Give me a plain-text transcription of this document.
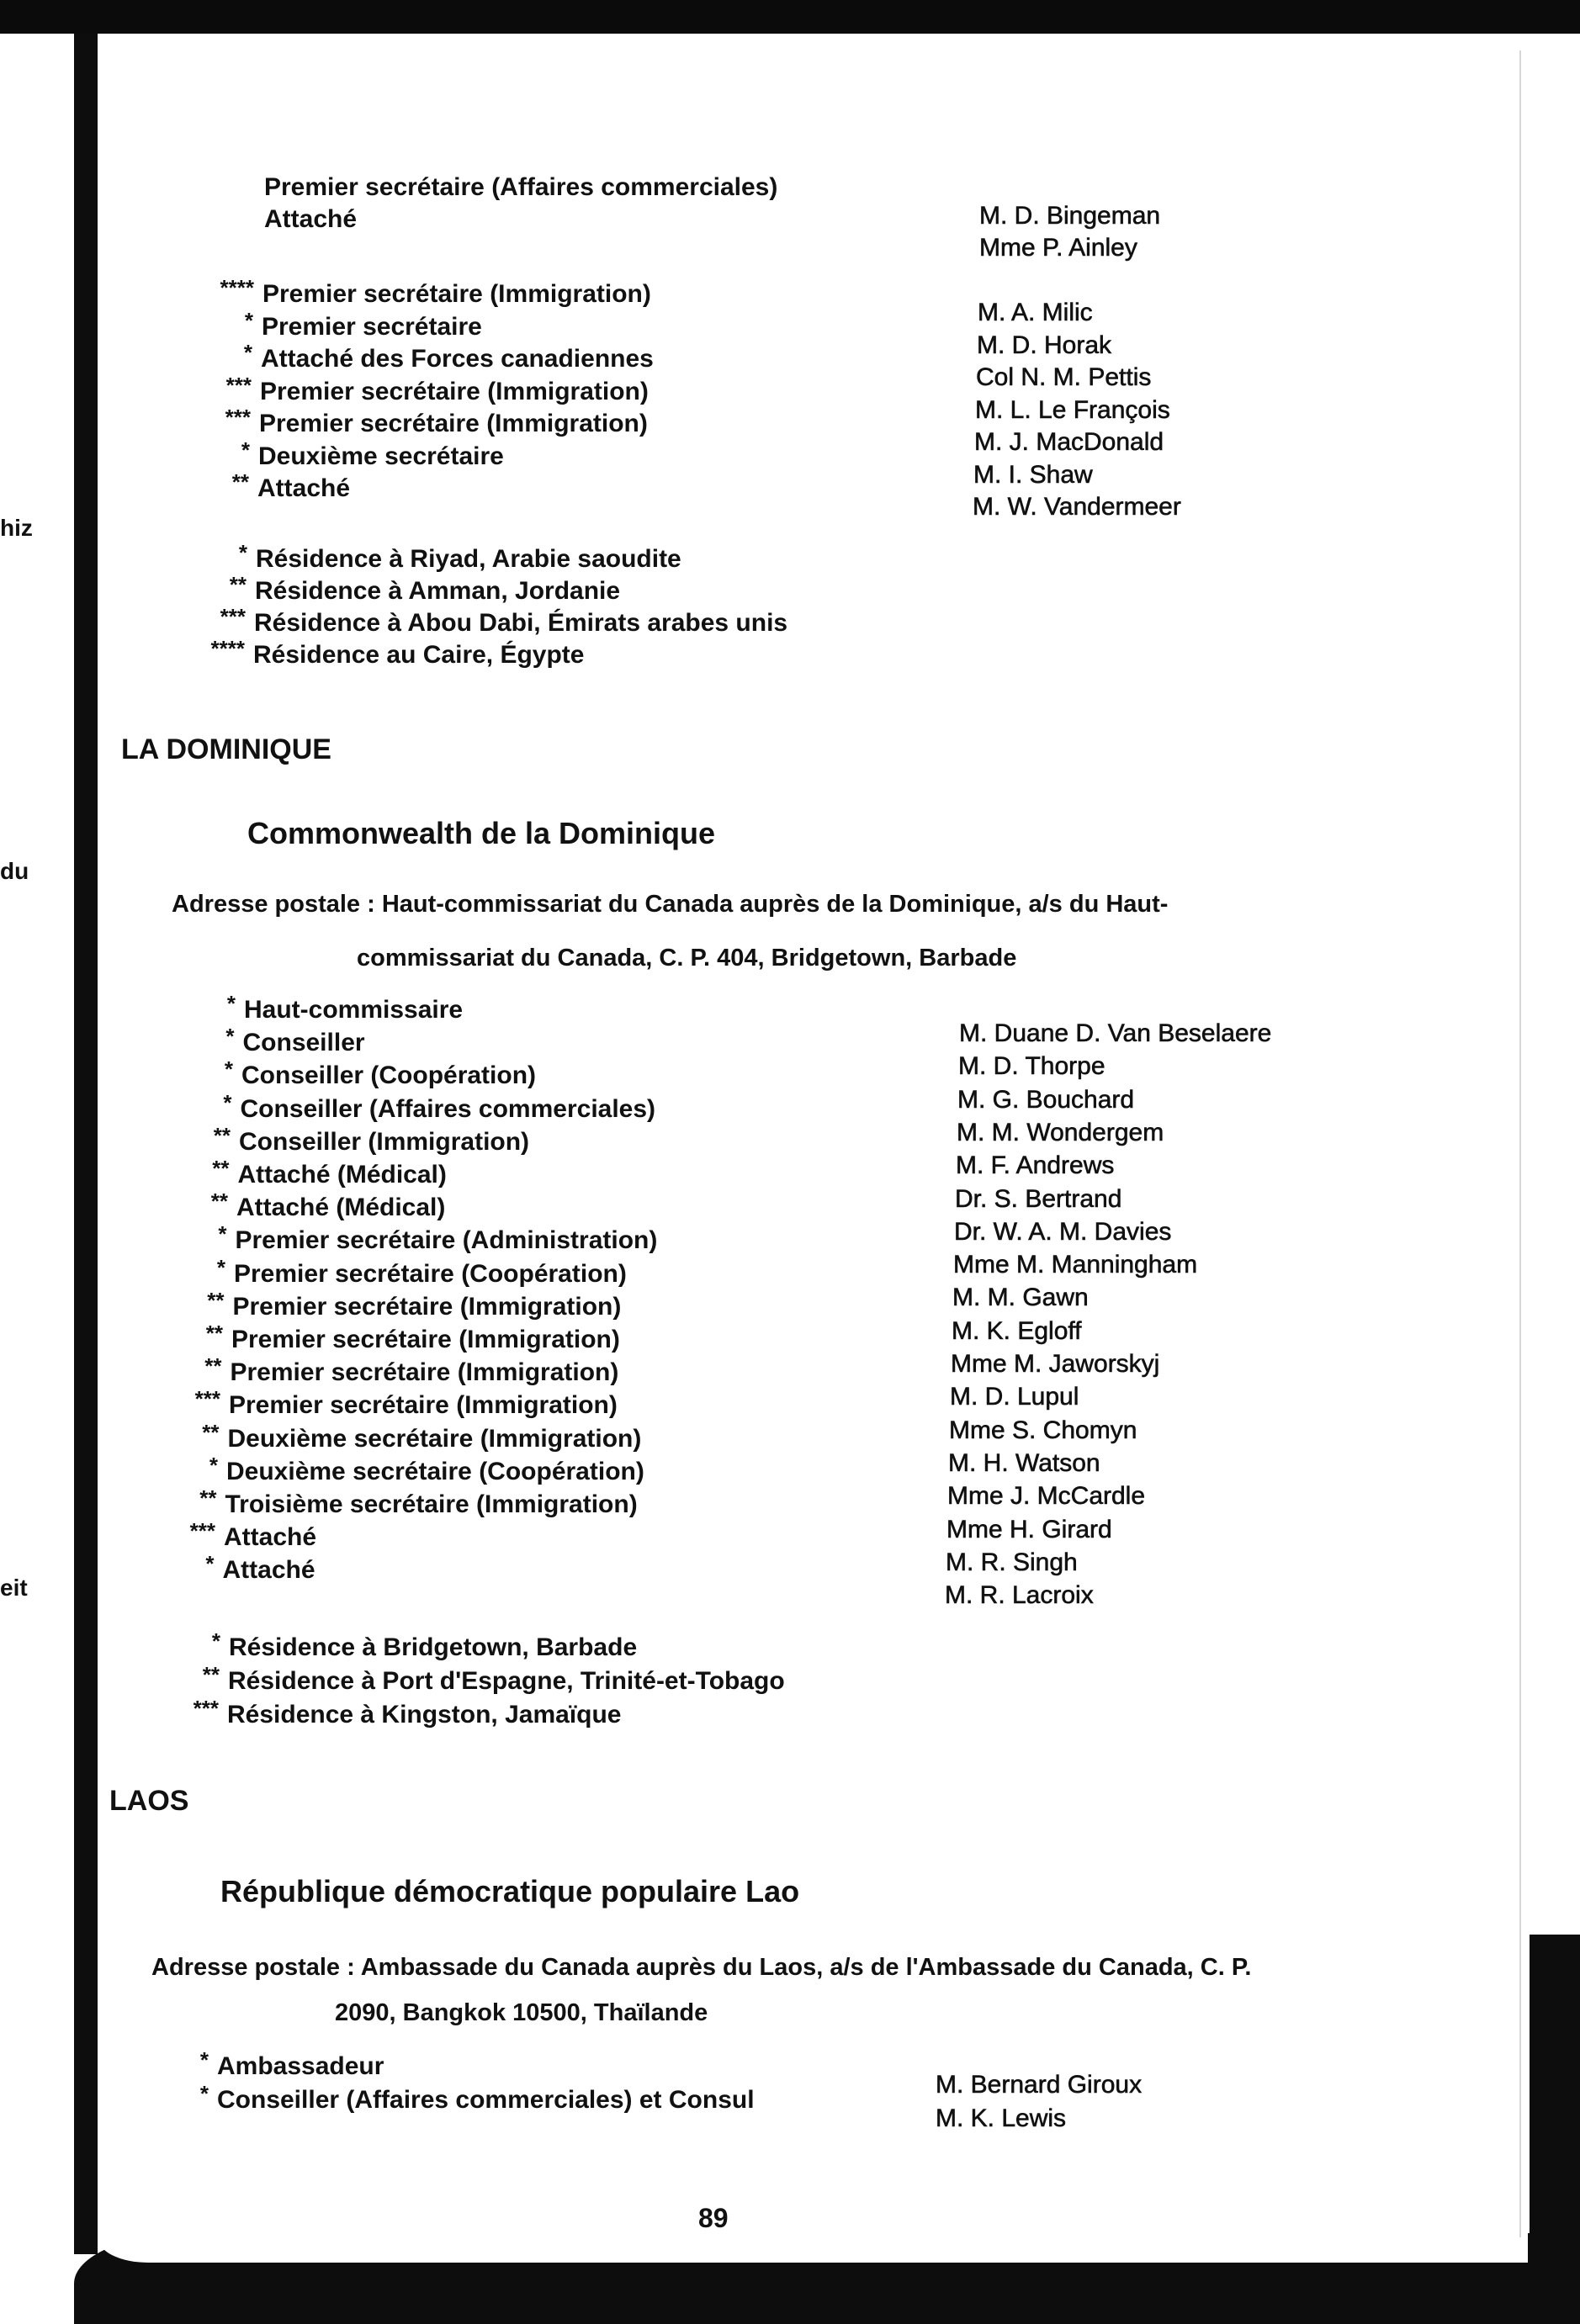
hiz
du
eit
Premier secrétaire (Affaires commerciales)
Attaché	M. D. Bingeman
Mme P. Ainley
**** Premier secrétaire (Immigration)
M. A. Milic
* Premier secrétaire
M. D. Horak
* Attaché des Forces canadiennes
Col N. M. Pettis
*** Premier secrétaire (Immigration)
M. L. Le François
*** Premier secrétaire (Immigration)
M. J. MacDonald
* Deuxième secrétaire
M. I. Shaw
** Attaché
M. W. Vandermeer
* Résidence à Riyad, Arabie saoudite
** Résidence à Amman, Jordanie
*** Résidence à Abou Dabi, Émirats arabes unis
**** Résidence au Caire, Égypte
LA DOMINIQUE
Commonwealth de la Dominique
Adresse postale : Haut-commissariat du Canada auprès de la Dominique, a/s du Haut-
commissariat du Canada, C. P. 404, Bridgetown, Barbade
* Haut-commissaire
M. Duane D. Van Beselaere
* Conseiller
M. D. Thorpe
* Conseiller (Coopération)
M. G. Bouchard
* Conseiller (Affaires commerciales)
M. M. Wondergem
** Conseiller (Immigration)
M. F. Andrews
** Attaché (Médical)
Dr. S. Bertrand
** Attaché (Médical)
Dr. W. A. M. Davies
* Premier secrétaire (Administration)
Mme M. Manningham
* Premier secrétaire (Coopération)
M. M. Gawn
** Premier secrétaire (Immigration)
M. K. Egloff
** Premier secrétaire (Immigration)
Mme M. Jaworskyj
** Premier secrétaire (Immigration)
M. D. Lupul
*** Premier secrétaire (Immigration)
Mme S. Chomyn
** Deuxième secrétaire (Immigration)
M. H. Watson
* Deuxième secrétaire (Coopération)
Mme J. McCardle
** Troisième secrétaire (Immigration)
Mme H. Girard
*** Attaché
M. R. Singh
* Attaché
M. R. Lacroix
* Résidence à Bridgetown, Barbade
** Résidence à Port d'Espagne, Trinité-et-Tobago
*** Résidence à Kingston, Jamaïque
LAOS
République démocratique populaire Lao
Adresse postale : Ambassade du Canada auprès du Laos, a/s de l'Ambassade du Canada, C. P.
2090, Bangkok 10500, Thaïlande
* Ambassadeur
M. Bernard Giroux
* Conseiller (Affaires commerciales) et Consul
M. K. Lewis
89
